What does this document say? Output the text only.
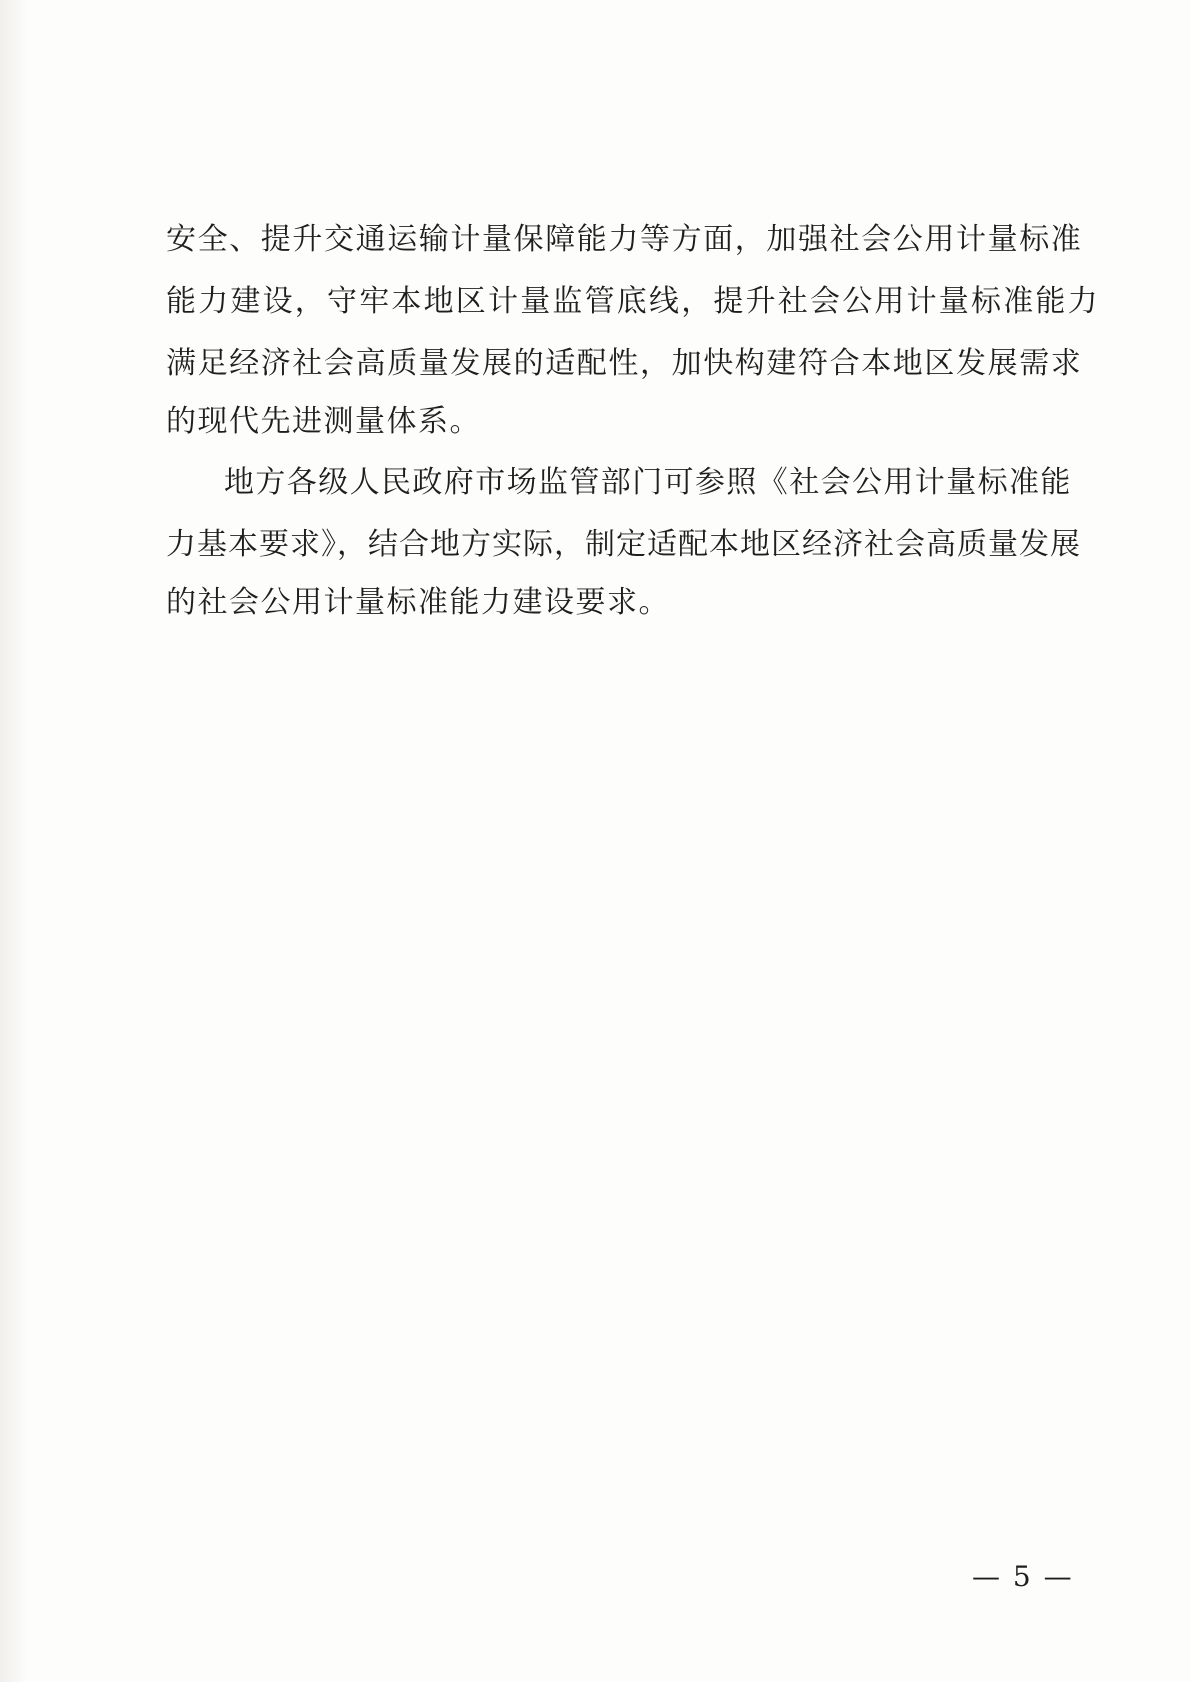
安全、提升交通运输计量保障能力等方面，加强社会公用计量标准
能力建设，守牢本地区计量监管底线，提升社会公用计量标准能力
满足经济社会高质量发展的适配性，加快构建符合本地区发展需求
的现代先进测量体系。
地方各级人民政府市场监管部门可参照《社会公用计量标准能
力基本要求》，结合地方实际，制定适配本地区经济社会高质量发展
的社会公用计量标准能力建设要求。
— 5 —
